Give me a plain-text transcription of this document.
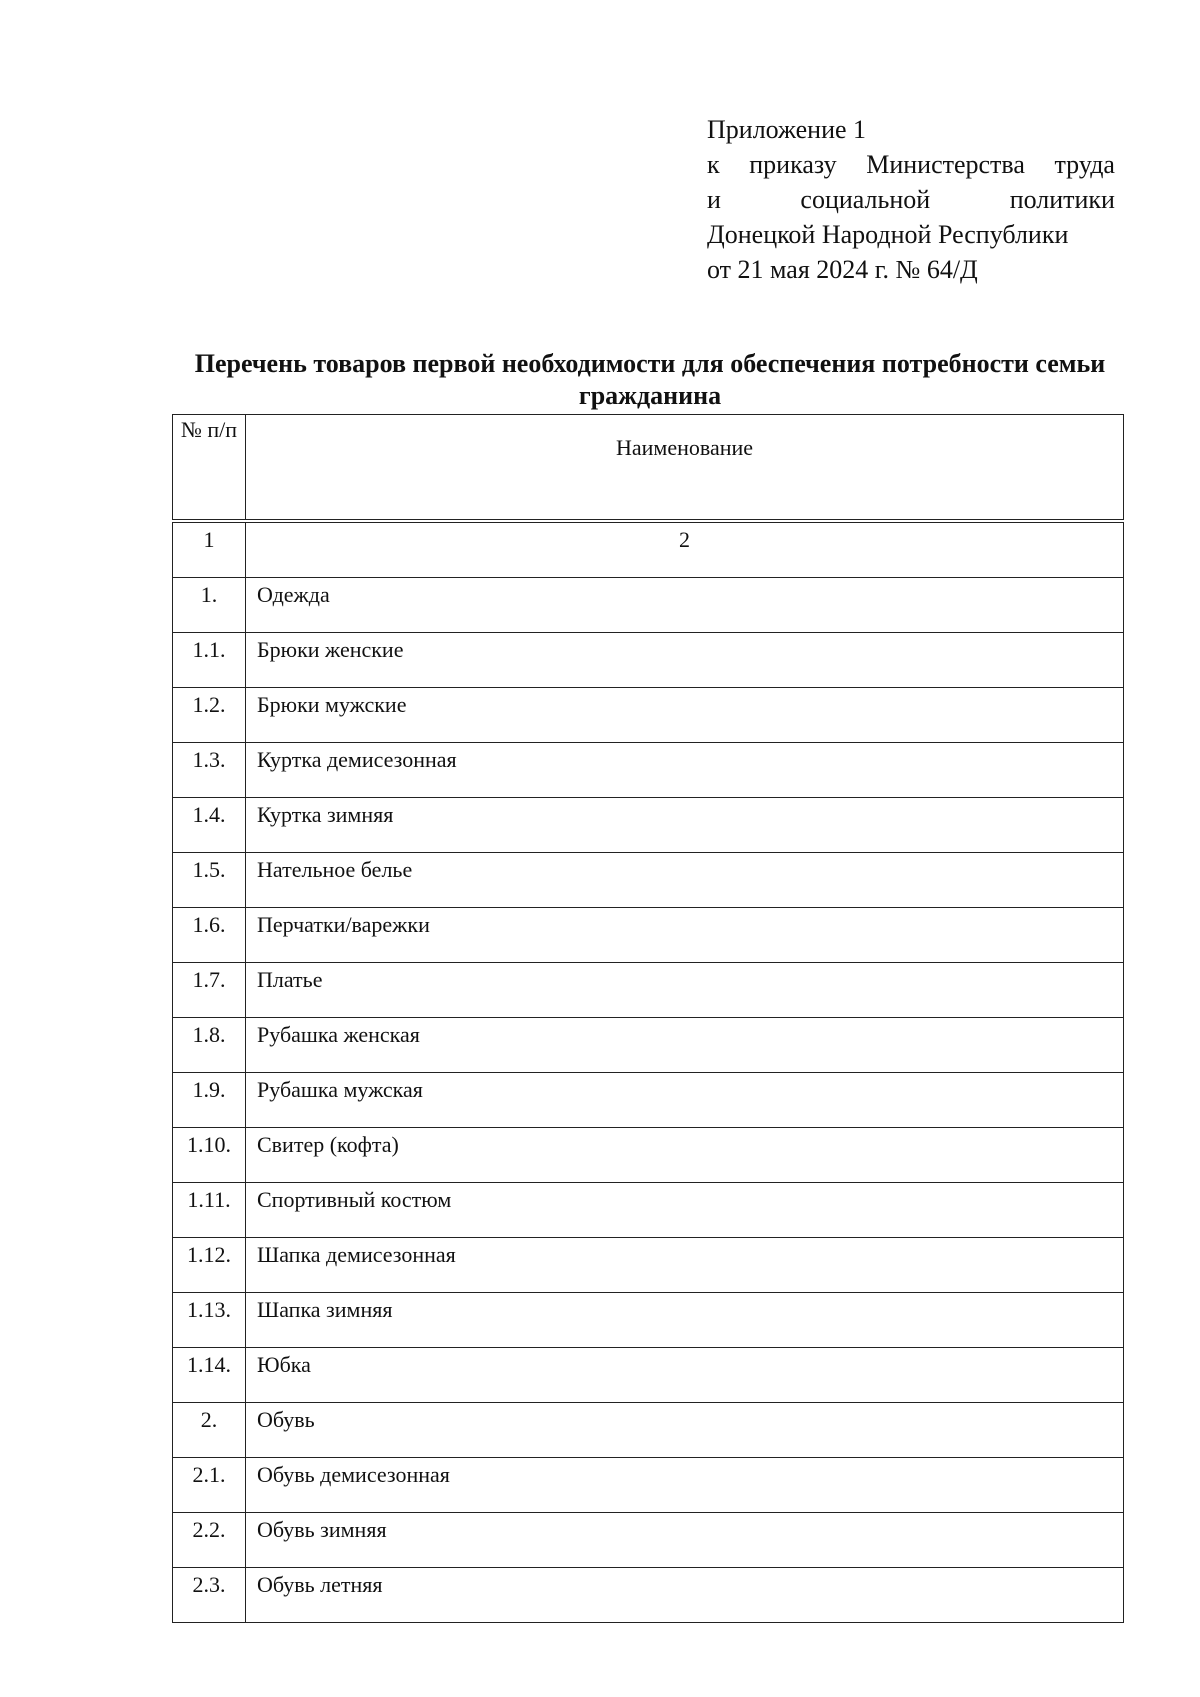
Приложение 1
к приказу Министерства труда
и	социальной	политики
Донецкой Народной Республики
от 21 мая 2024 г. № 64/Д
Перечень товаров первой необходимости для обеспечения потребности семьи гражданина
№ п/п	Наименование

1	2
1.	Одежда
1.1.	Брюки женские
1.2.	Брюки мужские
1.3.	Куртка демисезонная
1.4.	Куртка зимняя
1.5.	Нательное белье
1.6.	Перчатки/варежки
1.7.	Платье
1.8.	Рубашка женская
1.9.	Рубашка мужская
1.10.	Свитер (кофта)
1.11.	Спортивный костюм
1.12.	Шапка демисезонная
1.13.	Шапка зимняя
1.14.	Юбка
2.	Обувь
2.1.	Обувь демисезонная
2.2.	Обувь зимняя
2.3.	Обувь летняя
